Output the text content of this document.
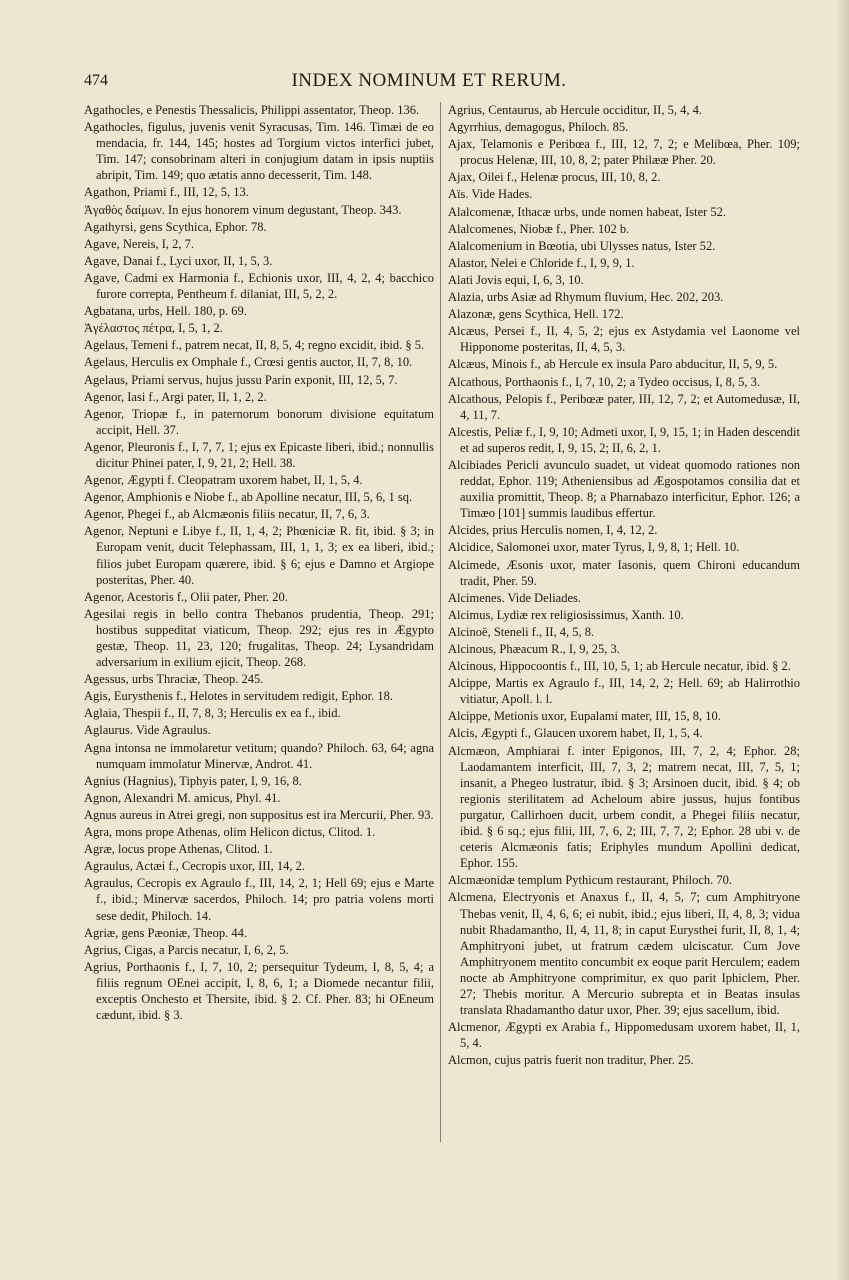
474	INDEX NOMINUM ET RERUM.

Agathocles, e Penestis Thessalicis, Philippi assentator, Theop. 136.

Agathocles, figulus, juvenis venit Syracusas, Tim. 146. Timæi de eo mendacia, fr. 144, 145; hostes ad Torgium victos interfici jubet, Tim. 147; consobrinam alteri in conjugium datam in ipsis nuptiis abripit, Tim. 149; quo ætatis anno decesserit, Tim. 148.

Agathon, Priami f., III, 12, 5, 13.

Ἀγαθὸς δαίμων. In ejus honorem vinum degustant, Theop. 343.

Agathyrsi, gens Scythica, Ephor. 78.

Agave, Nereis, I, 2, 7.

Agave, Danai f., Lyci uxor, II, 1, 5, 3.

Agave, Cadmi ex Harmonia f., Echionis uxor, III, 4, 2, 4; bacchico furore correpta, Pentheum f. dilaniat, III, 5, 2, 2.

Agbatana, urbs, Hell. 180, p. 69.

Ἀγέλαστος πέτρα, I, 5, 1, 2.

Agelaus, Temeni f., patrem necat, II, 8, 5, 4; regno excidit, ibid. § 5.

Agelaus, Herculis ex Omphale f., Crœsi gentis auctor, II, 7, 8, 10.

Agelaus, Priami servus, hujus jussu Parin exponit, III, 12, 5, 7.

Agenor, Iasi f., Argi pater, II, 1, 2, 2.

Agenor, Triopæ f., in paternorum bonorum divisione equitatum accipit, Hell. 37.

Agenor, Pleuronis f., I, 7, 7, 1; ejus ex Epicaste liberi, ibid.; nonnullis dicitur Phinei pater, I, 9, 21, 2; Hell. 38.

Agenor, Ægypti f. Cleopatram uxorem habet, II, 1, 5, 4.

Agenor, Amphionis e Niobe f., ab Apolline necatur, III, 5, 6, 1 sq.

Agenor, Phegei f., ab Alcmæonis filiis necatur, II, 7, 6, 3.

Agenor, Neptuni e Libye f., II, 1, 4, 2; Phœniciæ R. fit, ibid. § 3; in Europam venit, ducit Telephassam, III, 1, 1, 3; ex ea liberi, ibid.; filios jubet Europam quærere, ibid. § 6; ejus e Damno et Argiope posteritas, Pher. 40.

Agenor, Acestoris f., Olii pater, Pher. 20.

Agesilai regis in bello contra Thebanos prudentia, Theop. 291; hostibus suppeditat viaticum, Theop. 292; ejus res in Ægypto gestæ, Theop. 11, 23, 120; frugalitas, Theop. 24; Lysandridam adversarium in exilium ejicit, Theop. 268.

Agessus, urbs Thraciæ, Theop. 245.

Agis, Eurysthenis f., Helotes in servitudem redigit, Ephor. 18.

Aglaia, Thespii f., II, 7, 8, 3; Herculis ex ea f., ibid.

Aglaurus. Vide Agraulus.

Agna intonsa ne immolaretur vetitum; quando? Philoch. 63, 64; agna numquam immolatur Minervæ, Androt. 41.

Agnius (Hagnius), Tiphyis pater, I, 9, 16, 8.

Agnon, Alexandri M. amicus, Phyl. 41.

Agnus aureus in Atrei gregi, non suppositus est ira Mercurii, Pher. 93.

Agra, mons prope Athenas, olim Helicon dictus, Clitod. 1.

Agræ, locus prope Athenas, Clitod. 1.

Agraulus, Actæi f., Cecropis uxor, III, 14, 2.

Agraulus, Cecropis ex Agraulo f., III, 14, 2, 1; Hell 69; ejus e Marte f., ibid.; Minervæ sacerdos, Philoch. 14; pro patria volens morti sese dedit, Philoch. 14.

Agriæ, gens Pæoniæ, Theop. 44.

Agrius, Cigas, a Parcis necatur, I, 6, 2, 5.

Agrius, Porthaonis f., I, 7, 10, 2; persequitur Tydeum, I, 8, 5, 4; a filiis regnum OEnei accipit, I, 8, 6, 1; a Diomede necantur filii, exceptis Onchesto et Thersite, ibid. § 2. Cf. Pher. 83; hi OEneum cædunt, ibid. § 3.

Agrius, Centaurus, ab Hercule occiditur, II, 5, 4, 4.

Agyrrhius, demagogus, Philoch. 85.

Ajax, Telamonis e Peribœa f., III, 12, 7, 2; e Melibœa, Pher. 109; procus Helenæ, III, 10, 8, 2; pater Philææ Pher. 20.

Ajax, Oilei f., Helenæ procus, III, 10, 8, 2.

Aïs. Vide Hades.

Alalcomenæ, Ithacæ urbs, unde nomen habeat, Ister 52.

Alalcomenes, Niobæ f., Pher. 102 b.

Alalcomenium in Bœotia, ubi Ulysses natus, Ister 52.

Alastor, Nelei e Chloride f., I, 9, 9, 1.

Alati Jovis equi, I, 6, 3, 10.

Alazia, urbs Asiæ ad Rhymum fluvium, Hec. 202, 203.

Alazonæ, gens Scythica, Hell. 172.

Alcæus, Persei f., II, 4, 5, 2; ejus ex Astydamia vel Laonome vel Hipponome posteritas, II, 4, 5, 3.

Alcæus, Minois f., ab Hercule ex insula Paro abducitur, II, 5, 9, 5.

Alcathous, Porthaonis f., I, 7, 10, 2; a Tydeo occisus, I, 8, 5, 3.

Alcathous, Pelopis f., Peribœæ pater, III, 12, 7, 2; et Automedusæ, II, 4, 11, 7.

Alcestis, Peliæ f., I, 9, 10; Admeti uxor, I, 9, 15, 1; in Haden descendit et ad superos redit, I, 9, 15, 2; II, 6, 2, 1.

Alcibiades Pericli avunculo suadet, ut videat quomodo rationes non reddat, Ephor. 119; Atheniensibus ad Ægospotamos consilia dat et auxilia promittit, Theop. 8; a Pharnabazo interficitur, Ephor. 126; a Timæo [101] summis laudibus effertur.

Alcides, prius Herculis nomen, I, 4, 12, 2.

Alcidice, Salomonei uxor, mater Tyrus, I, 9, 8, 1; Hell. 10.

Alcimede, Æsonis uxor, mater Iasonis, quem Chironi educandum tradit, Pher. 59.

Alcimenes. Vide Deliades.

Alcimus, Lydiæ rex religiosissimus, Xanth. 10.

Alcinoë, Steneli f., II, 4, 5, 8.

Alcinous, Phæacum R., I, 9, 25, 3.

Alcinous, Hippocoontis f., III, 10, 5, 1; ab Hercule necatur, ibid. § 2.

Alcippe, Martis ex Agraulo f., III, 14, 2, 2; Hell. 69; ab Halirrothio vitiatur, Apoll. l. l.

Alcippe, Metionis uxor, Eupalami mater, III, 15, 8, 10.

Alcis, Ægypti f., Glaucen uxorem habet, II, 1, 5, 4.

Alcmæon, Amphiarai f. inter Epigonos, III, 7, 2, 4; Ephor. 28; Laodamantem interficit, III, 7, 3, 2; matrem necat, III, 7, 5, 1; insanit, a Phegeo lustratur, ibid. § 3; Arsinoen ducit, ibid. § 4; ob regionis sterilitatem ad Acheloum abire jussus, hujus fontibus purgatur, Callirhoen ducit, urbem condit, a Phegei filiis necatur, ibid. § 6 sq.; ejus filii, III, 7, 6, 2; III, 7, 7, 2; Ephor. 28 ubi v. de ceteris Alcmæonis fatis; Eriphyles mundum Apollini dedicat, Ephor. 155.

Alcmæonidæ templum Pythicum restaurant, Philoch. 70.

Alcmena, Electryonis et Anaxus f., II, 4, 5, 7; cum Amphitryone Thebas venit, II, 4, 6, 6; ei nubit, ibid.; ejus liberi, II, 4, 8, 3; vidua nubit Rhadamantho, II, 4, 11, 8; in caput Eurysthei furit, II, 8, 1, 4; Amphitryoni jubet, ut fratrum cædem ulciscatur. Cum Jove Amphitryonem mentito concumbit ex eoque parit Herculem; eadem nocte ab Amphitryone comprimitur, ex quo parit Iphiclem, Pher. 27; Thebis moritur. A Mercurio subrepta et in Beatas insulas translata Rhadamantho datur uxor, Pher. 39; ejus sacellum, ibid.

Alcmenor, Ægypti ex Arabia f., Hippomedusam uxorem habet, II, 1, 5, 4.

Alcmon, cujus patris fuerit non traditur, Pher. 25.
